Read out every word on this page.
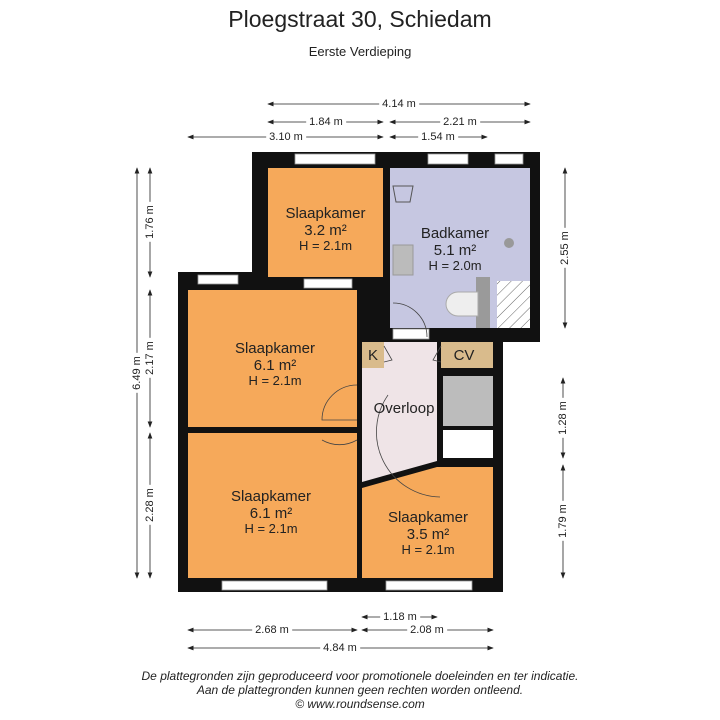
Ploegstraat 30, Schiedam
Eerste Verdieping
Slaapkamer
3.2 m²
H = 2.1m
Badkamer
5.1 m²
H = 2.0m
Slaapkamer
6.1 m²
H = 2.1m
Slaapkamer
6.1 m²
H = 2.1m
Slaapkamer
3.5 m²
H = 2.1m
Overloop
K	CV
4.14 m
1.84 m	2.21 m
3.10 m	1.54 m
6.49 m
1.76 m
2.17 m
2.28 m
2.55 m
1.28 m
1.79 m
1.18 m
2.68 m	2.08 m
4.84 m
De plattegronden zijn geproduceerd voor promotionele doeleinden en ter indicatie.
Aan de plattegronden kunnen geen rechten worden ontleend.
© www.roundsense.com
